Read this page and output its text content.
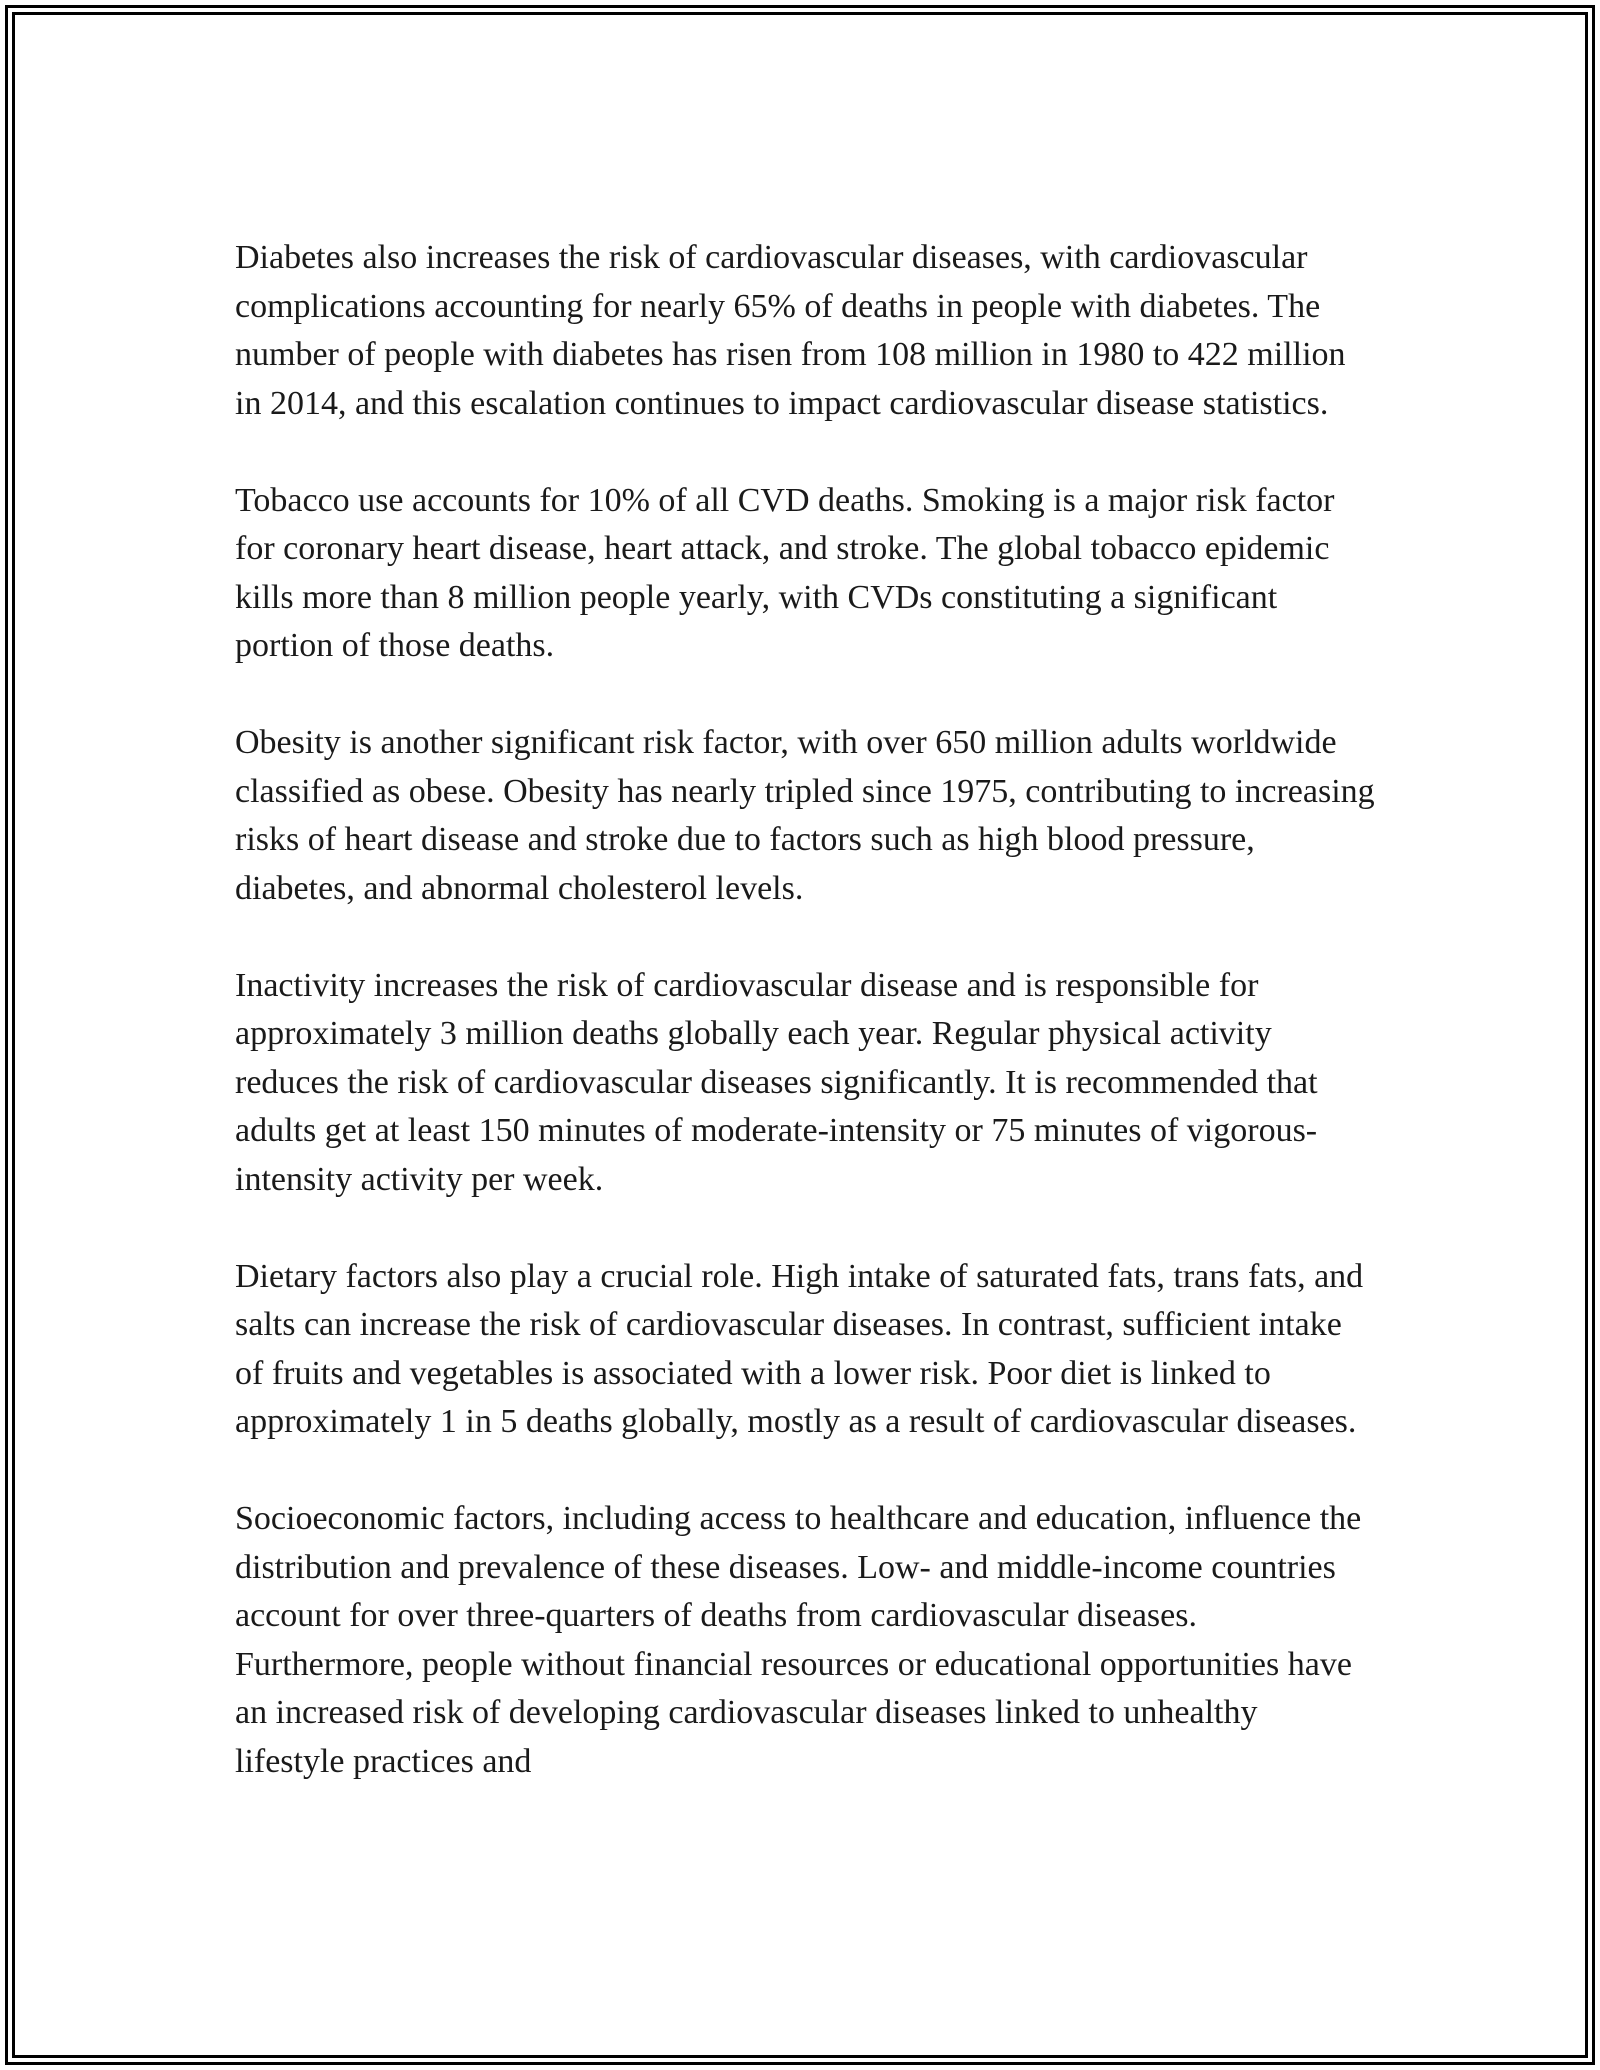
Diabetes also increases the risk of cardiovascular diseases, with cardiovascular complications accounting for nearly 65% of deaths in people with diabetes. The number of people with diabetes has risen from 108 million in 1980 to 422 million in 2014, and this escalation continues to impact cardiovascular disease statistics.

Tobacco use accounts for 10% of all CVD deaths. Smoking is a major risk factor for coronary heart disease, heart attack, and stroke. The global tobacco epidemic kills more than 8 million people yearly, with CVDs constituting a significant portion of those deaths.

Obesity is another significant risk factor, with over 650 million adults worldwide classified as obese. Obesity has nearly tripled since 1975, contributing to increasing risks of heart disease and stroke due to factors such as high blood pressure, diabetes, and abnormal cholesterol levels.

Inactivity increases the risk of cardiovascular disease and is responsible for approximately 3 million deaths globally each year. Regular physical activity reduces the risk of cardiovascular diseases significantly. It is recommended that adults get at least 150 minutes of moderate-intensity or 75 minutes of vigorous-intensity activity per week.

Dietary factors also play a crucial role. High intake of saturated fats, trans fats, and salts can increase the risk of cardiovascular diseases. In contrast, sufficient intake of fruits and vegetables is associated with a lower risk. Poor diet is linked to approximately 1 in 5 deaths globally, mostly as a result of cardiovascular diseases.

Socioeconomic factors, including access to healthcare and education, influence the distribution and prevalence of these diseases. Low- and middle-income countries account for over three-quarters of deaths from cardiovascular diseases. Furthermore, people without financial resources or educational opportunities have an increased risk of developing cardiovascular diseases linked to unhealthy lifestyle practices and
